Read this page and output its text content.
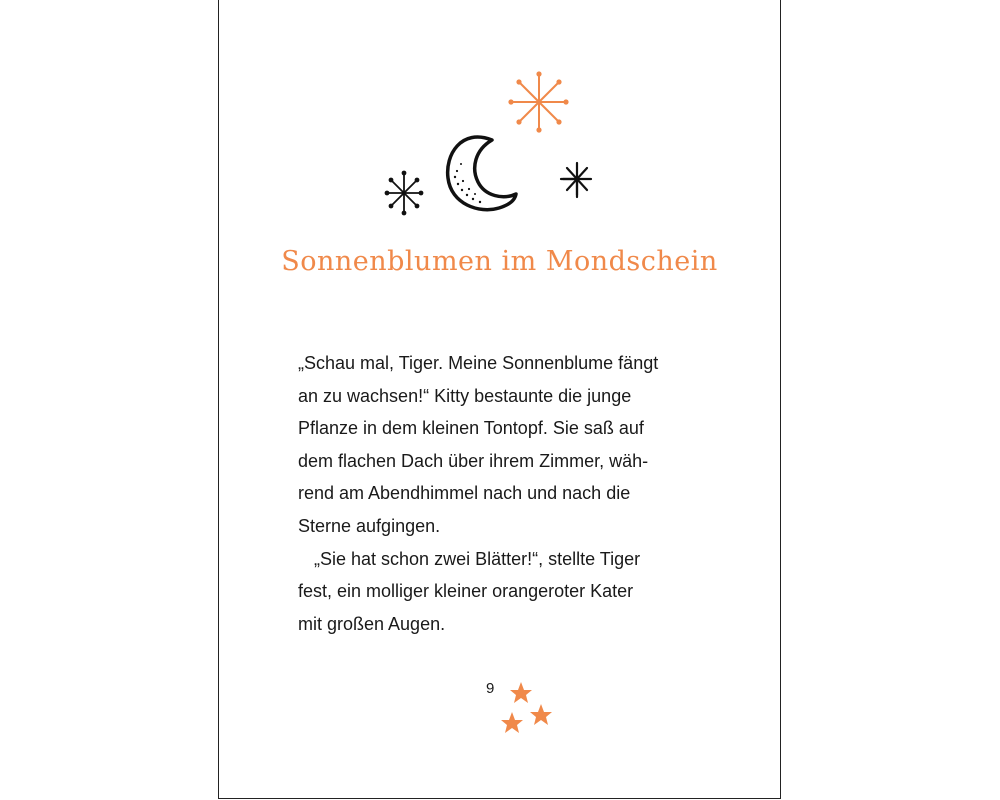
Sonnenblumen im Mondschein
„Schau mal, Tiger. Meine Sonnenblume fängt
an zu wachsen!“ Kitty bestaunte die junge
Pflanze in dem kleinen Tontopf. Sie saß auf
dem flachen Dach über ihrem Zimmer, wäh-
rend am Abendhimmel nach und nach die
Sterne aufgingen.
„Sie hat schon zwei Blätter!“, stellte Tiger
fest, ein molliger kleiner orangeroter Kater
mit großen Augen.
9
